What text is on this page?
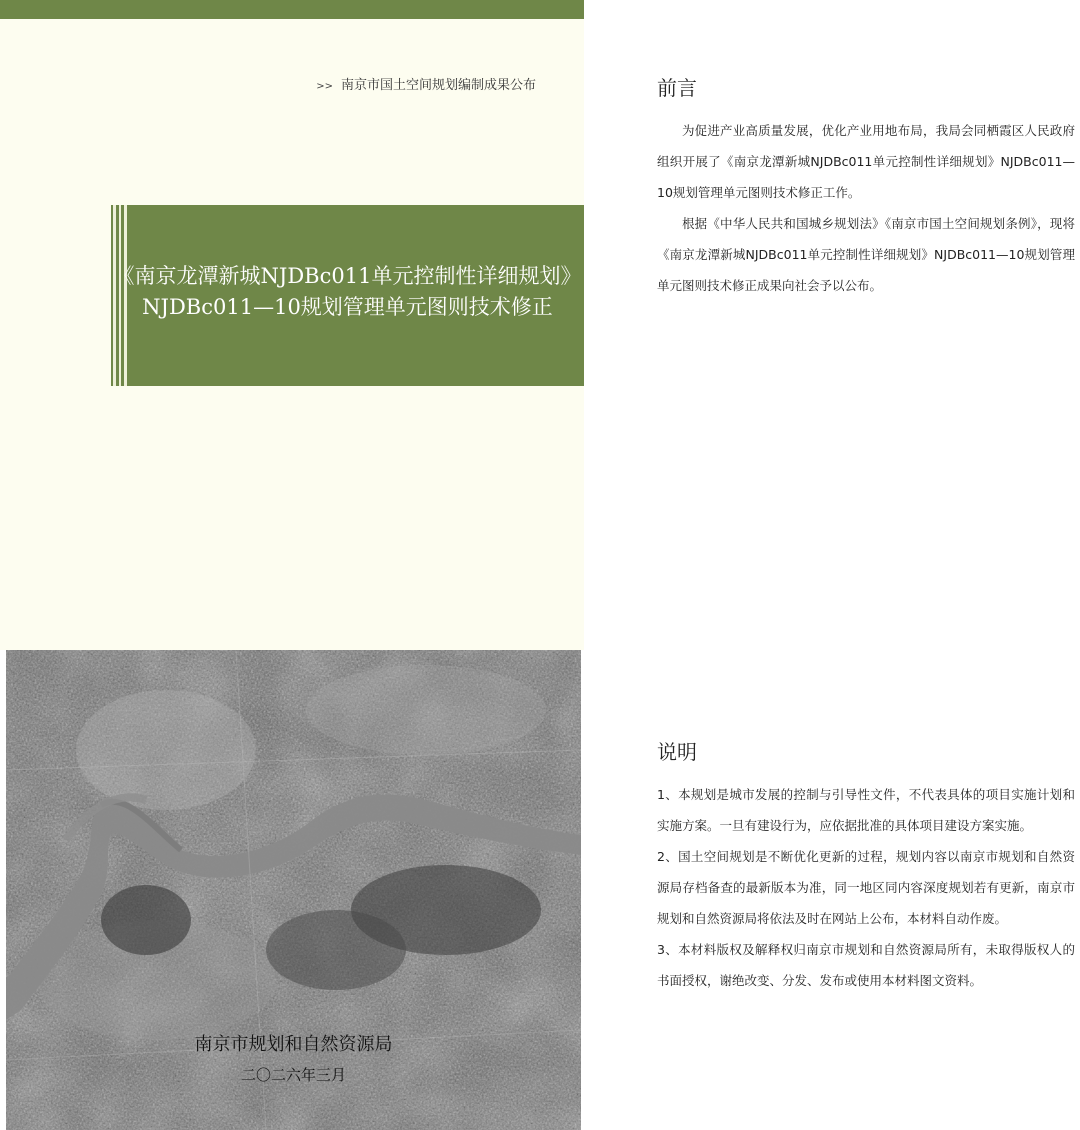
>> 南京市国土空间规划编制成果公布
《南京龙潭新城NJDBc011单元控制性详细规划》
NJDBc011—10规划管理单元图则技术修正
南京市规划和自然资源局
二〇二六年三月
前言

为促进产业高质量发展，优化产业用地布局，我局会同栖霞区人民政府组织开展了《南京龙潭新城NJDBc011单元控制性详细规划》NJDBc011—10规划管理单元图则技术修正工作。

根据《中华人民共和国城乡规划法》《南京市国土空间规划条例》，现将《南京龙潭新城NJDBc011单元控制性详细规划》NJDBc011—10规划管理单元图则技术修正成果向社会予以公布。

说明

1、本规划是城市发展的控制与引导性文件，不代表具体的项目实施计划和实施方案。一旦有建设行为，应依据批准的具体项目建设方案实施。

2、国土空间规划是不断优化更新的过程，规划内容以南京市规划和自然资源局存档备查的最新版本为准，同一地区同内容深度规划若有更新，南京市规划和自然资源局将依法及时在网站上公布，本材料自动作废。

3、本材料版权及解释权归南京市规划和自然资源局所有，未取得版权人的书面授权，谢绝改变、分发、发布或使用本材料图文资料。
